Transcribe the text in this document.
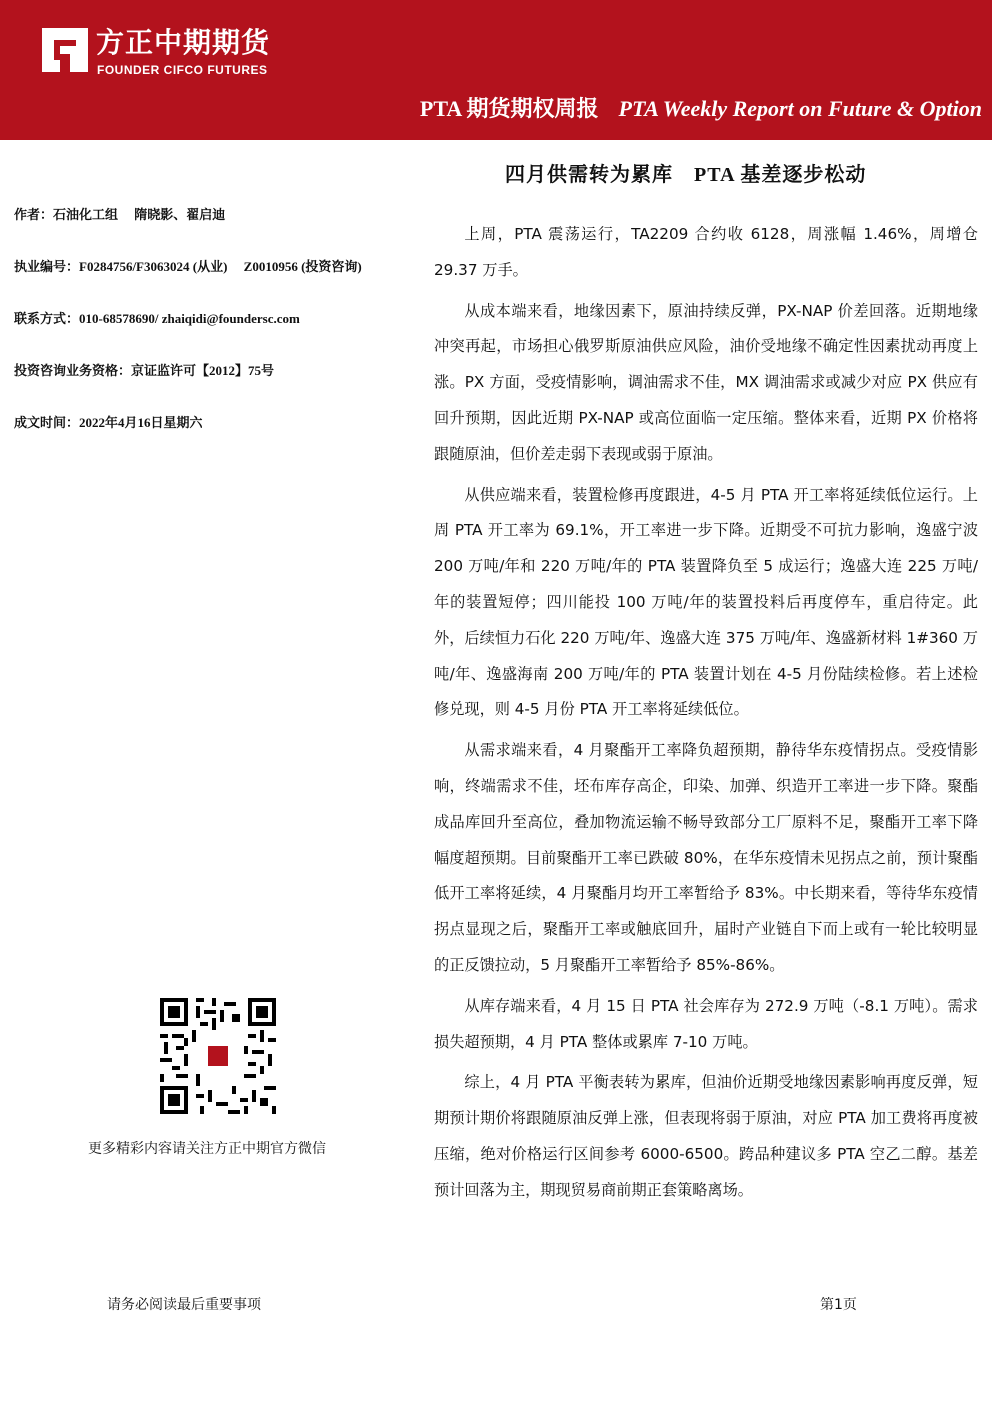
方正中期期货
FOUNDER CIFCO FUTURES
PTA 期货期权周报 PTA Weekly Report on Future & Option
四月供需转为累库　PTA 基差逐步松动
作者：石油化工组　 隋晓影、翟启迪
执业编号：F0284756/F3063024 (从业)　 Z0010956 (投资咨询)
联系方式：010-68578690/ zhaiqidi@foundersc.com
投资咨询业务资格：京证监许可【2012】75号
成文时间：2022年4月16日星期六
更多精彩内容请关注方正中期官方微信

上周，PTA 震荡运行，TA2209 合约收 6128，周涨幅 1.46%，周增仓 29.37 万手。

从成本端来看，地缘因素下，原油持续反弹，PX-NAP 价差回落。近期地缘冲突再起，市场担心俄罗斯原油供应风险，油价受地缘不确定性因素扰动再度上涨。PX 方面，受疫情影响，调油需求不佳，MX 调油需求或减少对应 PX 供应有回升预期，因此近期 PX-NAP 或高位面临一定压缩。整体来看，近期 PX 价格将跟随原油，但价差走弱下表现或弱于原油。

从供应端来看，装置检修再度跟进，4-5 月 PTA 开工率将延续低位运行。上周 PTA 开工率为 69.1%，开工率进一步下降。近期受不可抗力影响，逸盛宁波 200 万吨/年和 220 万吨/年的 PTA 装置降负至 5 成运行；逸盛大连 225 万吨/年的装置短停；四川能投 100 万吨/年的装置投料后再度停车，重启待定。此外，后续恒力石化 220 万吨/年、逸盛大连 375 万吨/年、逸盛新材料 1#360 万吨/年、逸盛海南 200 万吨/年的 PTA 装置计划在 4-5 月份陆续检修。若上述检修兑现，则 4-5 月份 PTA 开工率将延续低位。

从需求端来看，4 月聚酯开工率降负超预期，静待华东疫情拐点。受疫情影响，终端需求不佳，坯布库存高企，印染、加弹、织造开工率进一步下降。聚酯成品库回升至高位，叠加物流运输不畅导致部分工厂原料不足，聚酯开工率下降幅度超预期。目前聚酯开工率已跌破 80%，在华东疫情未见拐点之前，预计聚酯低开工率将延续，4 月聚酯月均开工率暂给予 83%。中长期来看，等待华东疫情拐点显现之后，聚酯开工率或触底回升，届时产业链自下而上或有一轮比较明显的正反馈拉动，5 月聚酯开工率暂给予 85%-86%。

从库存端来看，4 月 15 日 PTA 社会库存为 272.9 万吨（-8.1 万吨）。需求损失超预期，4 月 PTA 整体或累库 7-10 万吨。

综上，4 月 PTA 平衡表转为累库，但油价近期受地缘因素影响再度反弹，短期预计期价将跟随原油反弹上涨，但表现将弱于原油，对应 PTA 加工费将再度被压缩，绝对价格运行区间参考 6000-6500。跨品种建议多 PTA 空乙二醇。基差预计回落为主，期现贸易商前期正套策略离场。

请务必阅读最后重要事项	第1页
